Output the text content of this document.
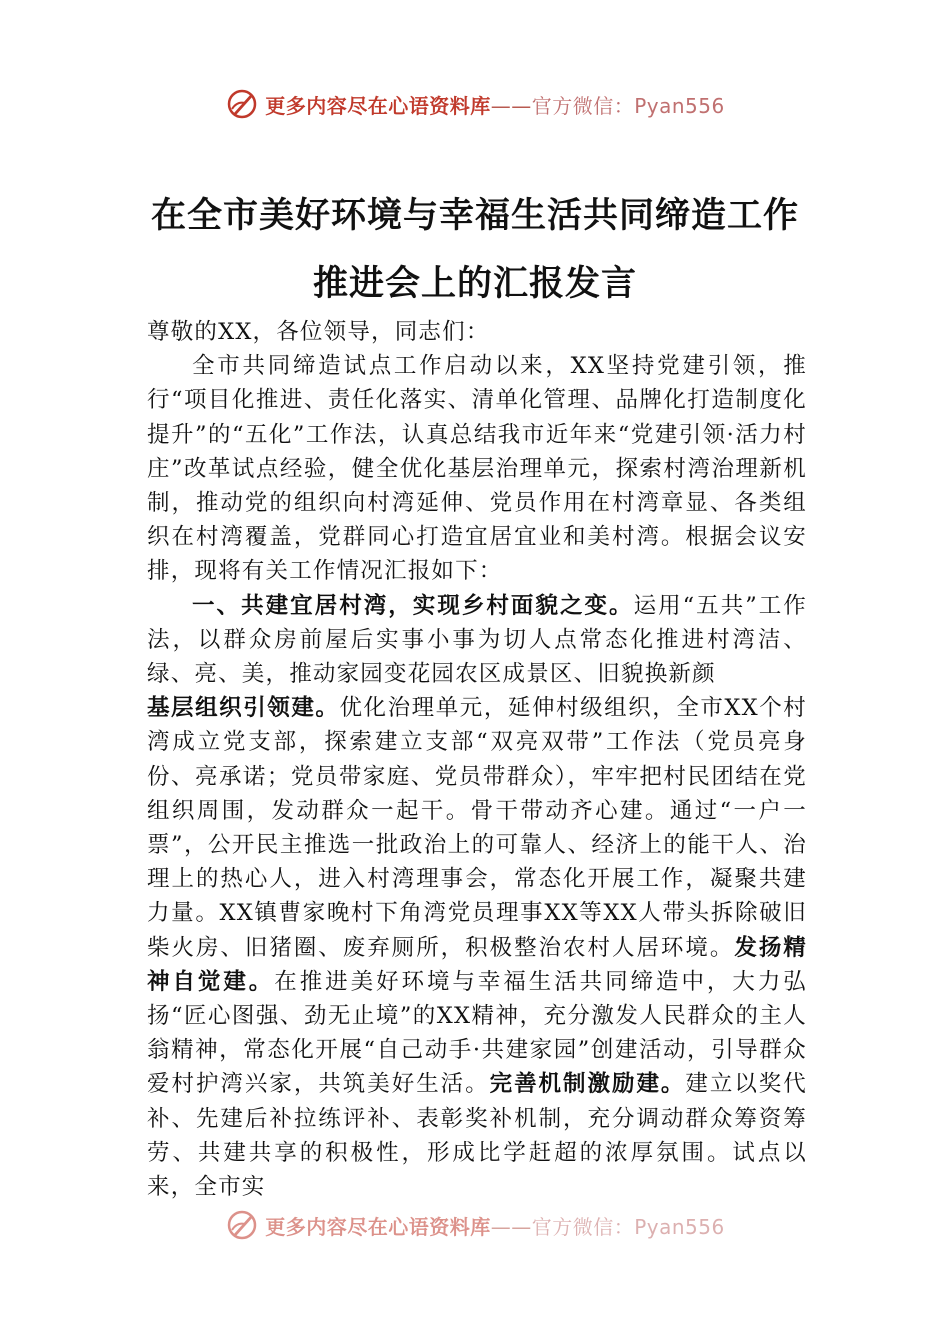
更多内容尽在心语资料库——官方微信：Pyan556
在全市美好环境与幸福生活共同缔造工作
推进会上的汇报发言

尊敬的XX，各位领导，同志们：

全市共同缔造试点工作启动以来，XX坚持党建引领，推行“项目化推进、责任化落实、清单化管理、品牌化打造制度化提升”的“五化”工作法，认真总结我市近年来“党建引领·活力村庄”改革试点经验，健全优化基层治理单元，探索村湾治理新机制，推动党的组织向村湾延伸、党员作用在村湾章显、各类组织在村湾覆盖，党群同心打造宜居宜业和美村湾。根据会议安排，现将有关工作情况汇报如下：

一、共建宜居村湾，实现乡村面貌之变。运用“五共”工作法，以群众房前屋后实事小事为切人点常态化推进村湾洁、绿、亮、美，推动家园变花园农区成景区、旧貌换新颜

基层组织引领建。优化治理单元，延伸村级组织，全市XX个村湾成立党支部，探索建立支部“双亮双带”工作法（党员亮身份、亮承诺；党员带家庭、党员带群众），牢牢把村民团结在党组织周围，发动群众一起干。骨干带动齐心建。通过“一户一票”，公开民主推选一批政治上的可靠人、经济上的能干人、治理上的热心人，进入村湾理事会，常态化开展工作，凝聚共建力量。XX镇曹家晚村下角湾党员理事XX等XX人带头拆除破旧柴火房、旧猪圈、废弃厕所，积极整治农村人居环境。发扬精神自觉建。在推进美好环境与幸福生活共同缔造中，大力弘扬“匠心图强、劲无止境”的XX精神，充分激发人民群众的主人翁精神，常态化开展“自己动手·共建家园”创建活动，引导群众爱村护湾兴家，共筑美好生活。完善机制激励建。建立以奖代补、先建后补拉练评补、表彰奖补机制，充分调动群众筹资筹劳、共建共享的积极性，形成比学赶超的浓厚氛围。试点以来，全市实

更多内容尽在心语资料库——官方微信：Pyan556
